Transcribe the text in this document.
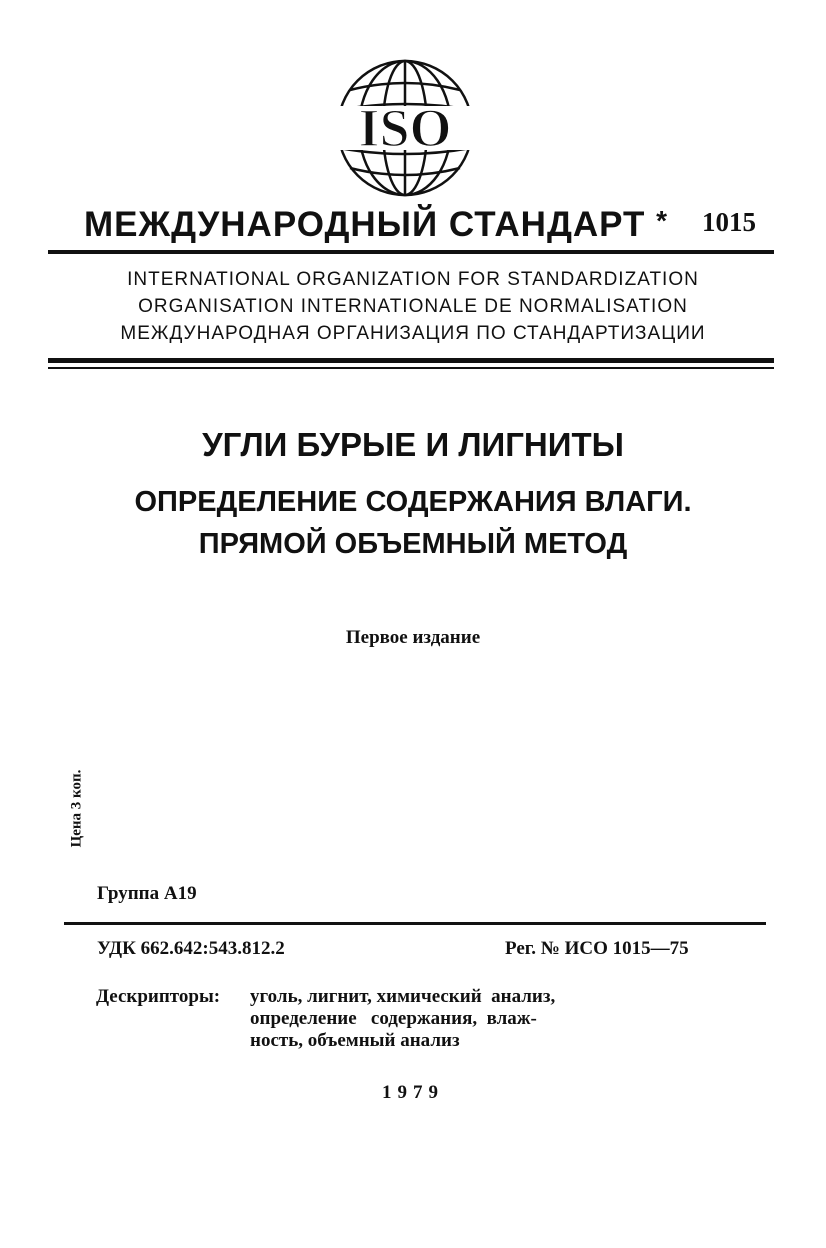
ISO
МЕЖДУНАРОДНЫЙ СТАНДАРТ * 1015
INTERNATIONAL ORGANIZATION FOR STANDARDIZATION
ORGANISATION INTERNATIONALE DE NORMALISATION
МЕЖДУНАРОДНАЯ ОРГАНИЗАЦИЯ ПО СТАНДАРТИЗАЦИИ
УГЛИ БУРЫЕ И ЛИГНИТЫ
ОПРЕДЕЛЕНИЕ СОДЕРЖАНИЯ ВЛАГИ.
ПРЯМОЙ ОБЪЕМНЫЙ МЕТОД
Первое издание
Цена 3 коп.
Группа А19
УДК 662.642:543.812.2	Рег. № ИСО 1015—75
Дескрипторы: уголь, лигнит, химический  анализ,
определение   содержания,  влаж-
ность, объемный анализ
1979
